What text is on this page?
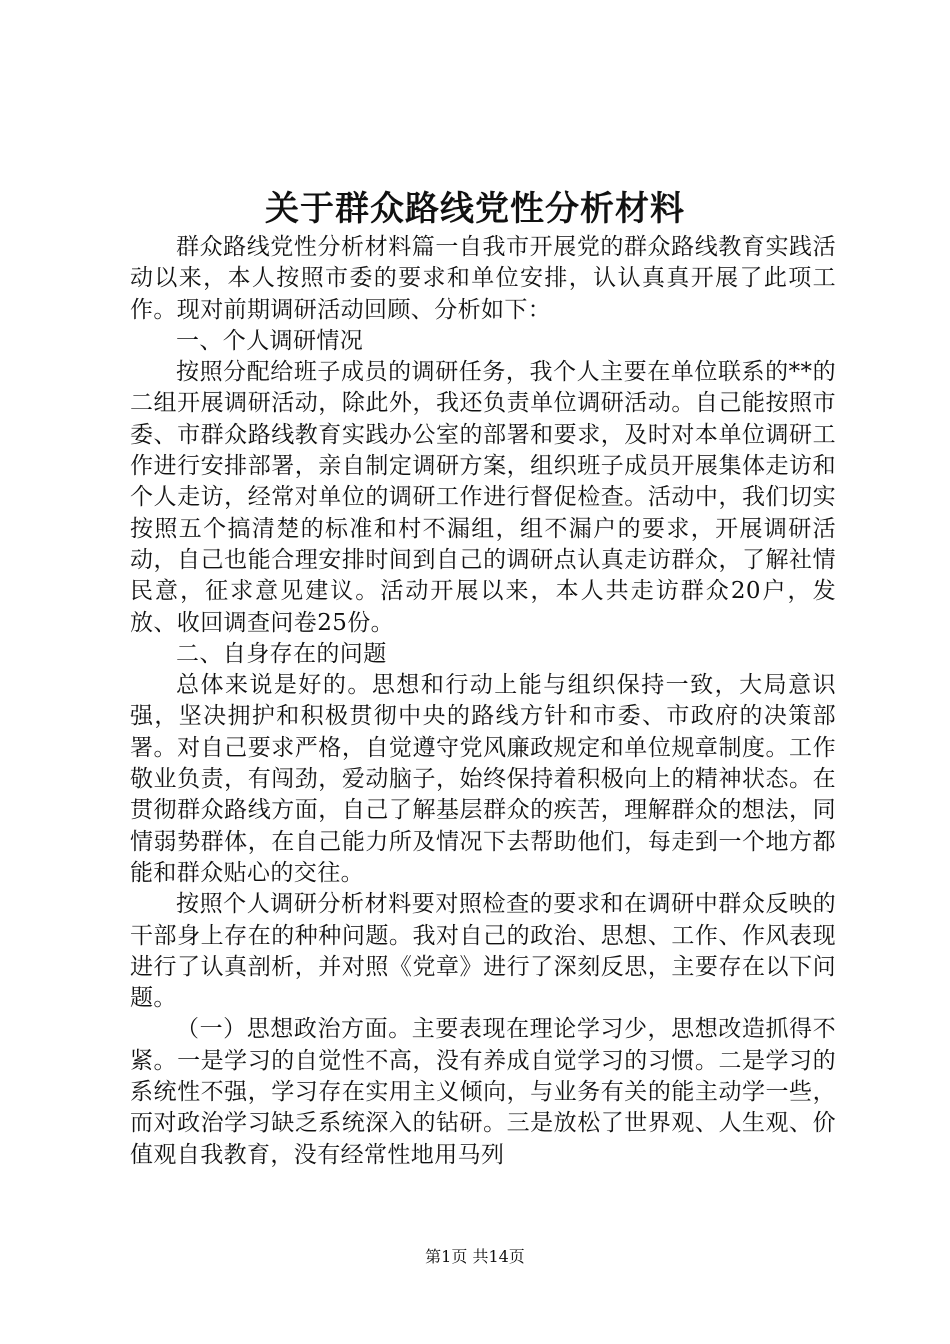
关于群众路线党性分析材料

群众路线党性分析材料篇一自我市开展党的群众路线教育实践活动以来，本人按照市委的要求和单位安排，认认真真开展了此项工作。现对前期调研活动回顾、分析如下：

一、个人调研情况

按照分配给班子成员的调研任务，我个人主要在单位联系的**的二组开展调研活动，除此外，我还负责单位调研活动。自己能按照市委、市群众路线教育实践办公室的部署和要求，及时对本单位调研工作进行安排部署，亲自制定调研方案，组织班子成员开展集体走访和个人走访，经常对单位的调研工作进行督促检查。活动中，我们切实按照五个搞清楚的标准和村不漏组，组不漏户的要求，开展调研活动，自己也能合理安排时间到自己的调研点认真走访群众，了解社情民意，征求意见建议。活动开展以来，本人共走访群众20户，发放、收回调查问卷25份。

二、自身存在的问题

总体来说是好的。思想和行动上能与组织保持一致，大局意识强，坚决拥护和积极贯彻中央的路线方针和市委、市政府的决策部署。对自己要求严格，自觉遵守党风廉政规定和单位规章制度。工作敬业负责，有闯劲，爱动脑子，始终保持着积极向上的精神状态。在贯彻群众路线方面，自己了解基层群众的疾苦，理解群众的想法，同情弱势群体，在自己能力所及情况下去帮助他们，每走到一个地方都能和群众贴心的交往。

按照个人调研分析材料要对照检查的要求和在调研中群众反映的干部身上存在的种种问题。我对自己的政治、思想、工作、作风表现进行了认真剖析，并对照《党章》进行了深刻反思，主要存在以下问题。

（一）思想政治方面。主要表现在理论学习少，思想改造抓得不紧。一是学习的自觉性不高，没有养成自觉学习的习惯。二是学习的系统性不强，学习存在实用主义倾向，与业务有关的能主动学一些，而对政治学习缺乏系统深入的钻研。三是放松了世界观、人生观、价值观自我教育，没有经常性地用马列

第1页 共14页
